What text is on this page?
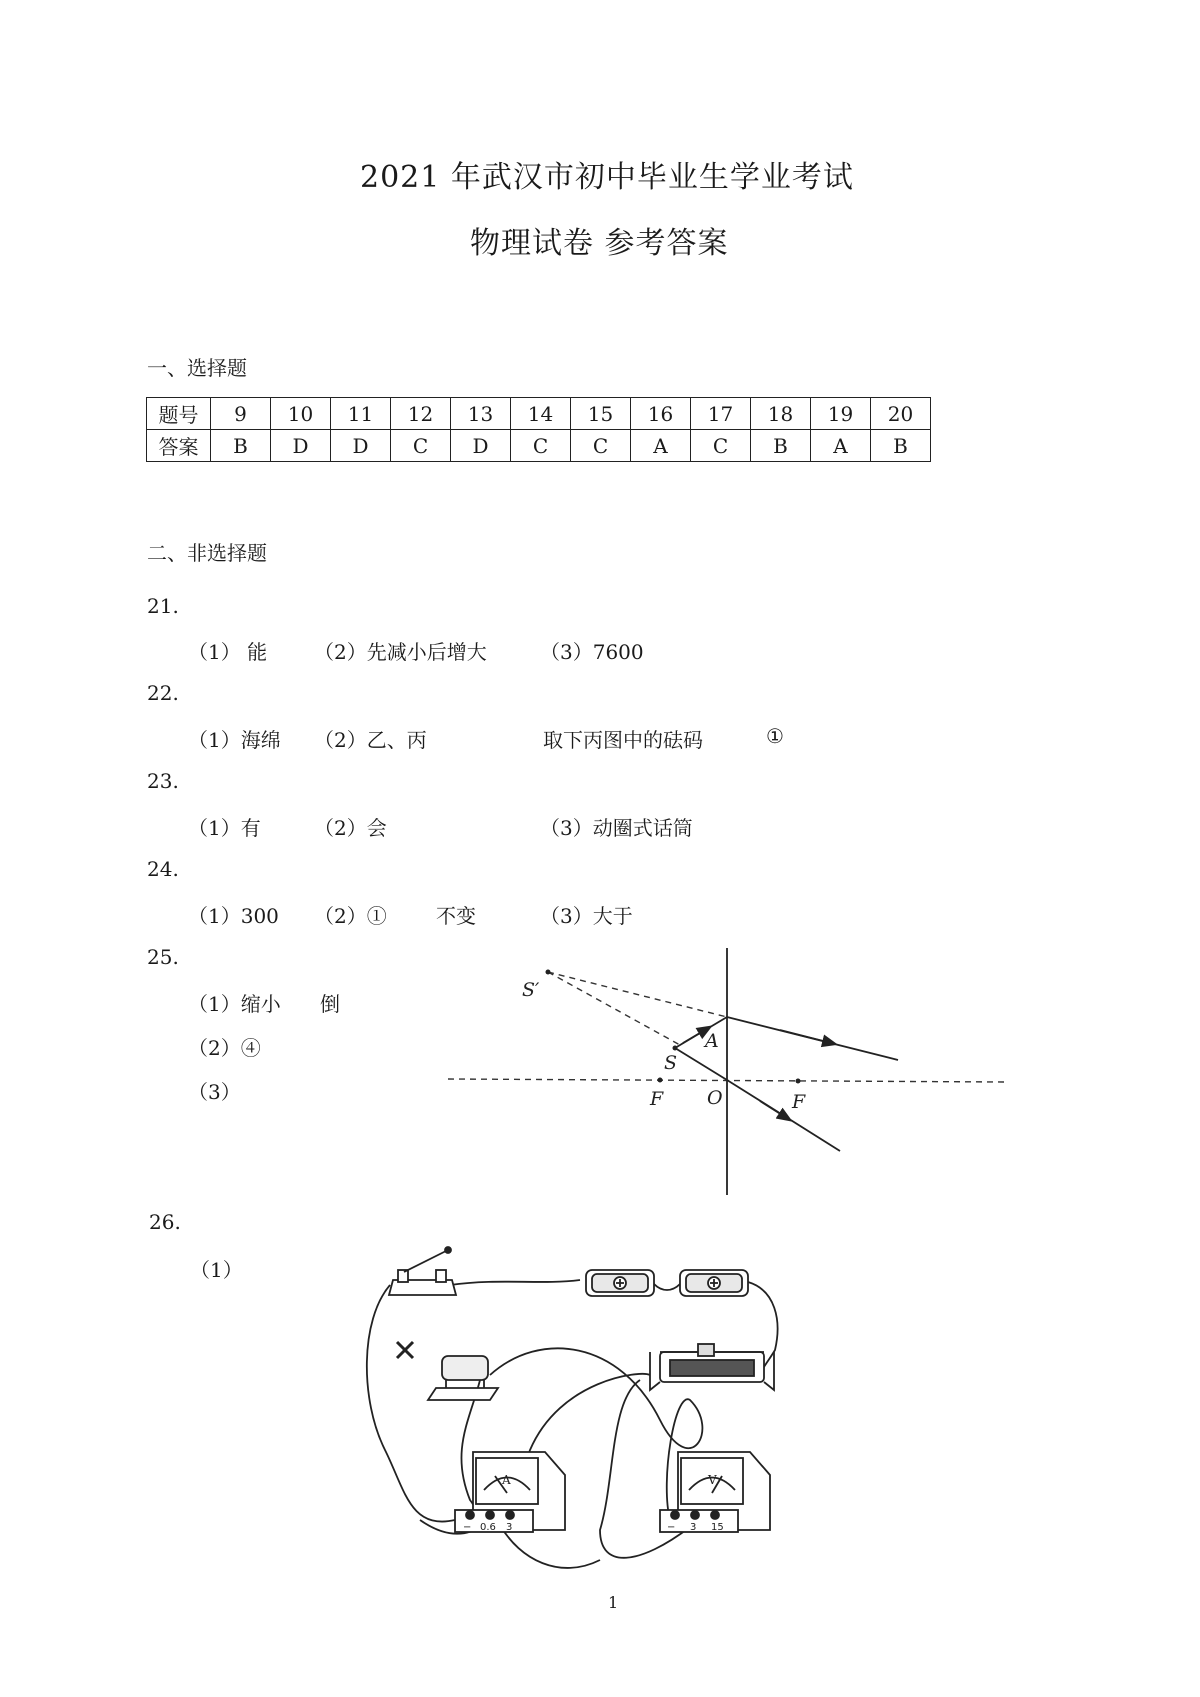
2021 年武汉市初中毕业生学业考试
物理试卷 参考答案
一、选择题
题号	9	10	11	12	13	14	15	16	17	18	19	20
答案	B	D	D	C	D	C	C	A	C	B	A	B
二、非选择题
21.
（1） 能 （2）先减小后增大	（3）7600
22.
（1）海绵 （2）乙、丙	取下丙图中的砝码	①
23.
（1）有	（2）会	（3）动圈式话筒
24.
（1）300 （2）① 不变	（3）大于
25.
（1）缩小 倒
（2）④
（3）
S′
S
A
F O	F
26.
（1）
A
− 0.6 3
V
− 3 15
1
